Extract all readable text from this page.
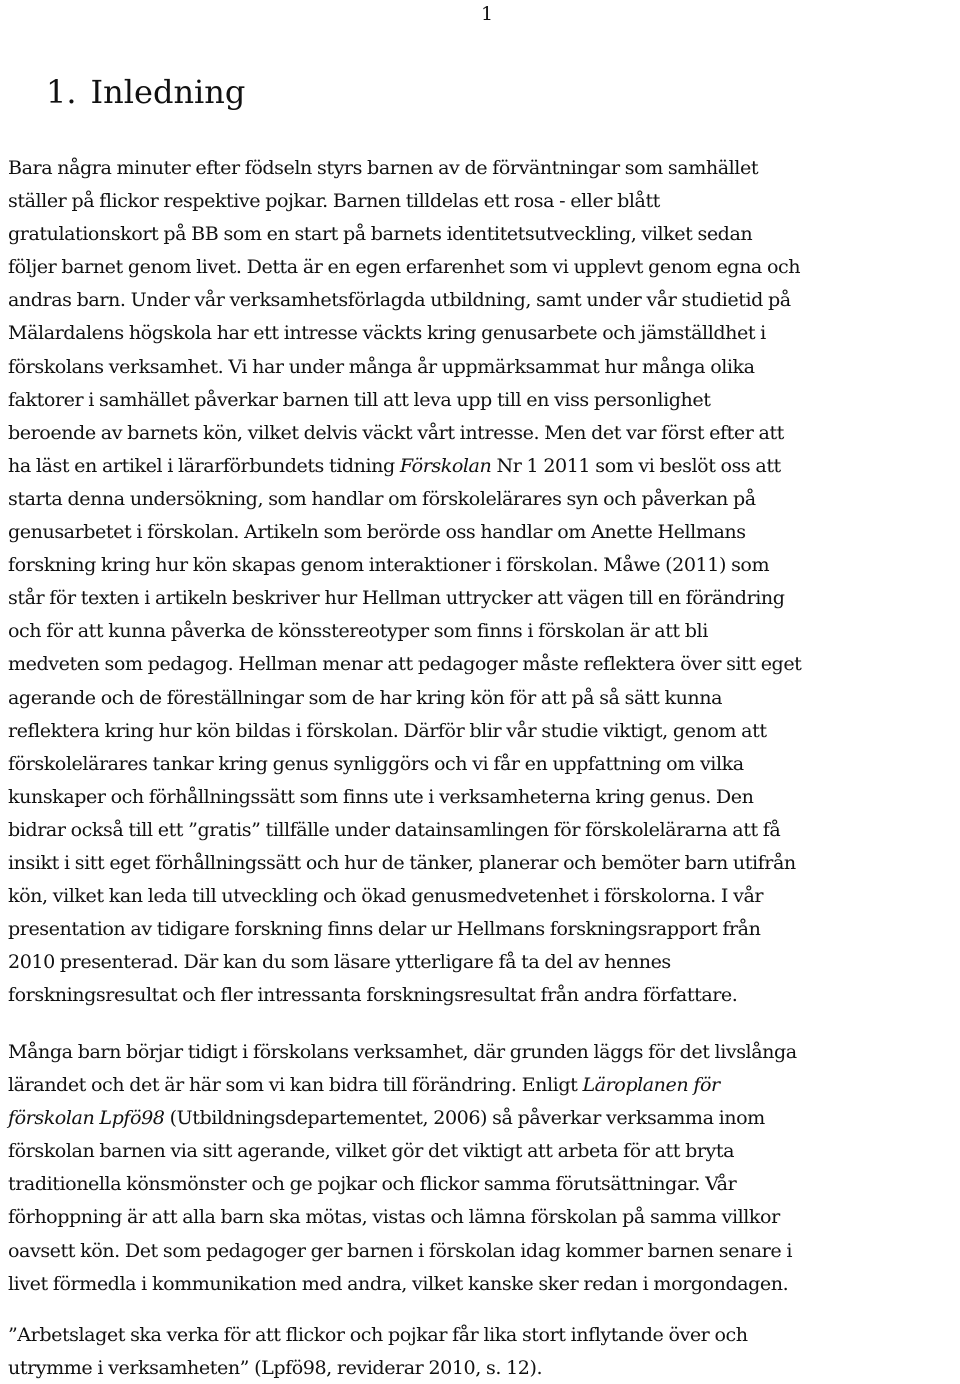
1

1. Inledning

Bara några minuter efter födseln styrs barnen av de förväntningar som samhället
ställer på flickor respektive pojkar. Barnen tilldelas ett rosa - eller blått
gratulationskort på BB som en start på barnets identitetsutveckling, vilket sedan
följer barnet genom livet. Detta är en egen erfarenhet som vi upplevt genom egna och
andras barn. Under vår verksamhetsförlagda utbildning, samt under vår studietid på
Mälardalens högskola har ett intresse väckts kring genusarbete och jämställdhet i
förskolans verksamhet. Vi har under många år uppmärksammat hur många olika
faktorer i samhället påverkar barnen till att leva upp till en viss personlighet
beroende av barnets kön, vilket delvis väckt vårt intresse. Men det var först efter att
ha läst en artikel i lärarförbundets tidning Förskolan Nr 1 2011 som vi beslöt oss att
starta denna undersökning, som handlar om förskolelärares syn och påverkan på
genusarbetet i förskolan. Artikeln som berörde oss handlar om Anette Hellmans
forskning kring hur kön skapas genom interaktioner i förskolan. Måwe (2011) som
står för texten i artikeln beskriver hur Hellman uttrycker att vägen till en förändring
och för att kunna påverka de könsstereotyper som finns i förskolan är att bli
medveten som pedagog. Hellman menar att pedagoger måste reflektera över sitt eget
agerande och de föreställningar som de har kring kön för att på så sätt kunna
reflektera kring hur kön bildas i förskolan. Därför blir vår studie viktigt, genom att
förskolelärares tankar kring genus synliggörs och vi får en uppfattning om vilka
kunskaper och förhållningssätt som finns ute i verksamheterna kring genus. Den
bidrar också till ett ”gratis” tillfälle under datainsamlingen för förskolelärarna att få
insikt i sitt eget förhållningssätt och hur de tänker, planerar och bemöter barn utifrån
kön, vilket kan leda till utveckling och ökad genusmedvetenhet i förskolorna. I vår
presentation av tidigare forskning finns delar ur Hellmans forskningsrapport från
2010 presenterad. Där kan du som läsare ytterligare få ta del av hennes
forskningsresultat och fler intressanta forskningsresultat från andra författare.

Många barn börjar tidigt i förskolans verksamhet, där grunden läggs för det livslånga
lärandet och det är här som vi kan bidra till förändring. Enligt Läroplanen för
förskolan Lpfö98 (Utbildningsdepartementet, 2006) så påverkar verksamma inom
förskolan barnen via sitt agerande, vilket gör det viktigt att arbeta för att bryta
traditionella könsmönster och ge pojkar och flickor samma förutsättningar. Vår
förhoppning är att alla barn ska mötas, vistas och lämna förskolan på samma villkor
oavsett kön. Det som pedagoger ger barnen i förskolan idag kommer barnen senare i
livet förmedla i kommunikation med andra, vilket kanske sker redan i morgondagen.

”Arbetslaget ska verka för att flickor och pojkar får lika stort inflytande över och
utrymme i verksamheten” (Lpfö98, reviderar 2010, s. 12).
